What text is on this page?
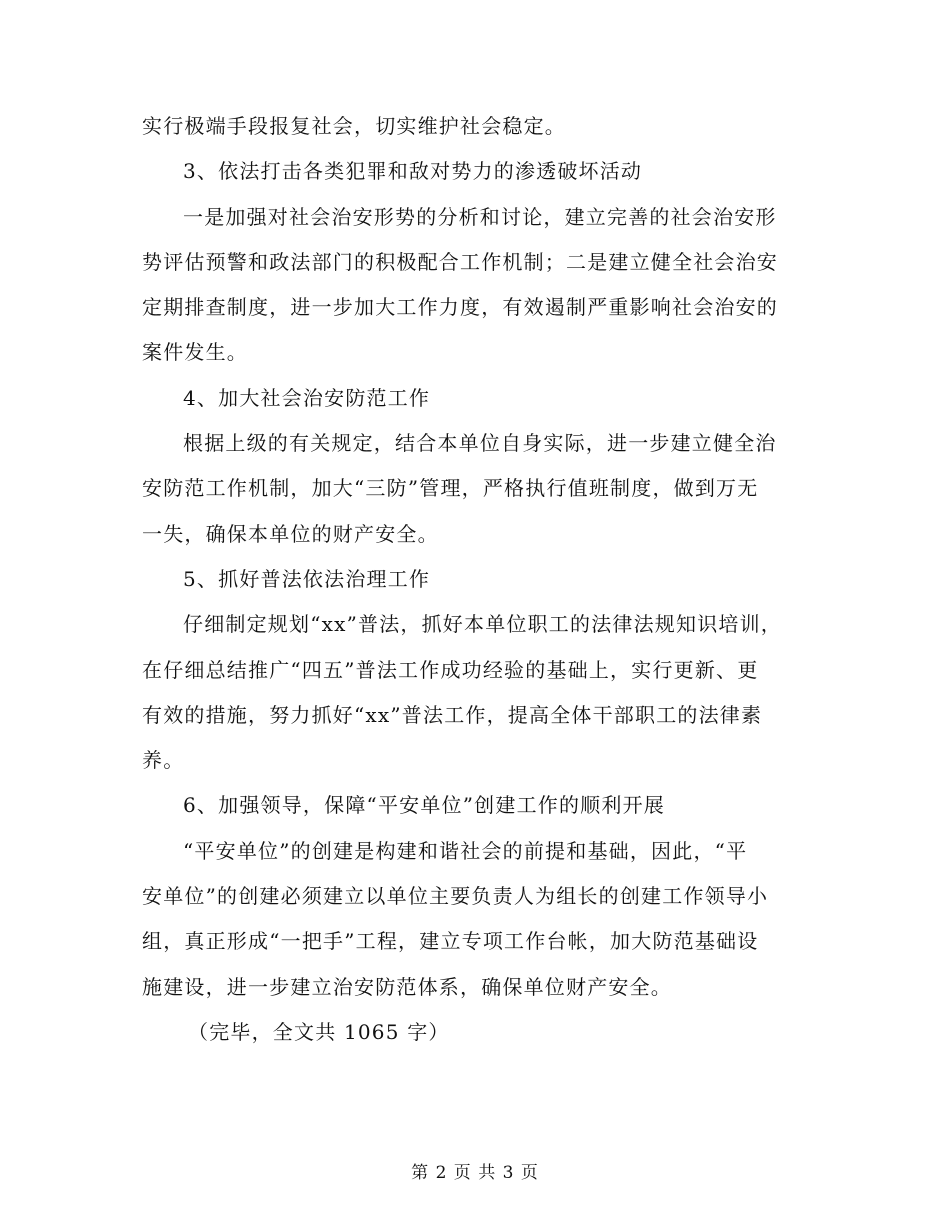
实行极端手段报复社会，切实维护社会稳定。
3、依法打击各类犯罪和敌对势力的渗透破坏活动
一是加强对社会治安形势的分析和讨论，建立完善的社会治安形
势评估预警和政法部门的积极配合工作机制；二是建立健全社会治安
定期排查制度，进一步加大工作力度，有效遏制严重影响社会治安的
案件发生。
4、加大社会治安防范工作
根据上级的有关规定，结合本单位自身实际，进一步建立健全治
安防范工作机制，加大“三防”管理，严格执行值班制度，做到万无
一失，确保本单位的财产安全。
5、抓好普法依法治理工作
仔细制定规划“xx”普法，抓好本单位职工的法律法规知识培训，
在仔细总结推广“四五”普法工作成功经验的基础上，实行更新、更
有效的措施，努力抓好“xx”普法工作，提高全体干部职工的法律素
养。
6、加强领导，保障“平安单位”创建工作的顺利开展
“平安单位”的创建是构建和谐社会的前提和基础，因此，“平
安单位”的创建必须建立以单位主要负责人为组长的创建工作领导小
组，真正形成“一把手”工程，建立专项工作台帐，加大防范基础设
施建设，进一步建立治安防范体系，确保单位财产安全。
（完毕，全文共 1065 字）
第 2 页 共 3 页
